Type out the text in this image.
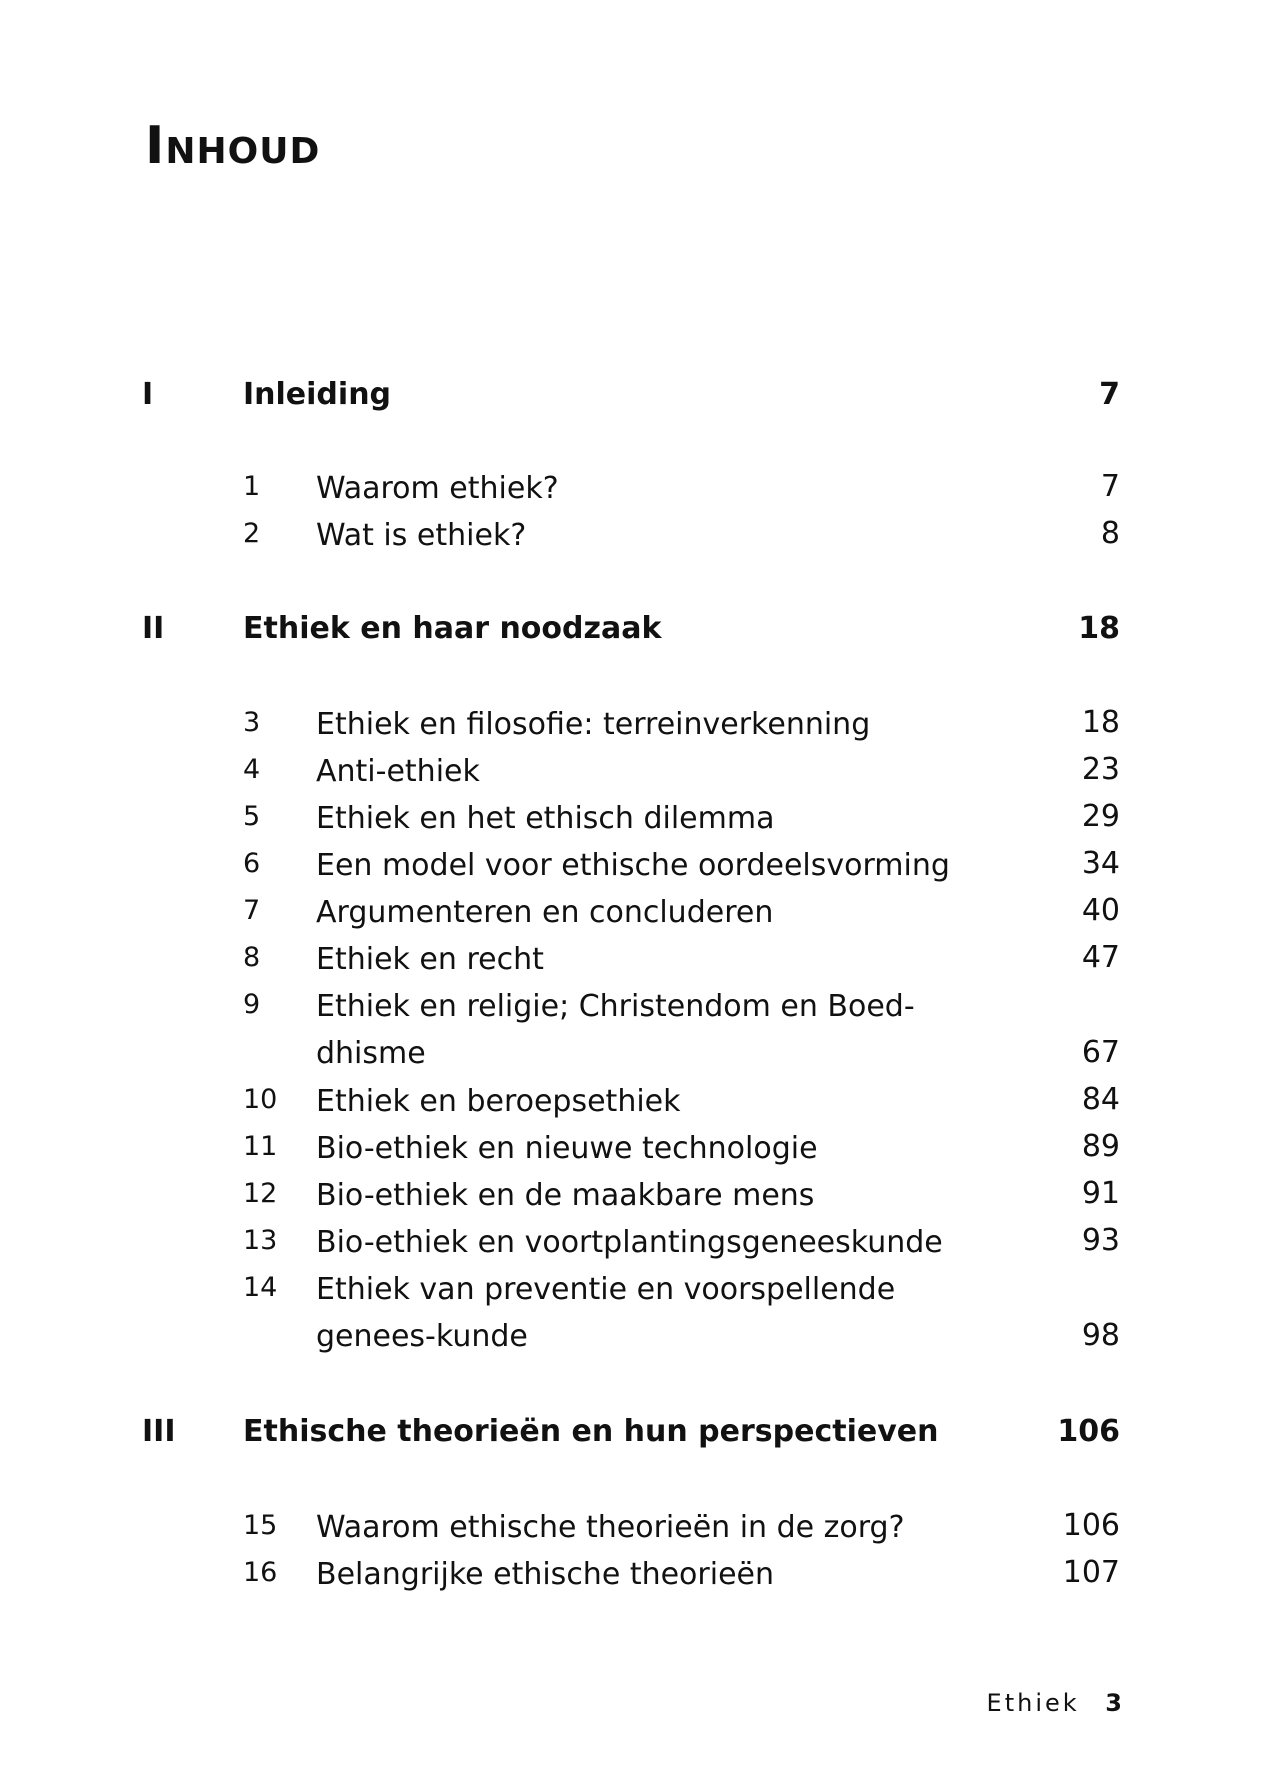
Inhoud
I	Inleiding	7
1 Waarom ethiek?	7
2 Wat is ethiek?	8
II	Ethiek en haar noodzaak	18
3 Ethiek en filosofie: terreinverkenning	18
4 Anti-ethiek	23
5 Ethiek en het ethisch dilemma	29
6 Een model voor ethische oordeelsvorming	34
7 Argumenteren en concluderen	40
8 Ethiek en recht	47
9 Ethiek en religie; Christendom en Boed-dhisme	67
10 Ethiek en beroepsethiek	84
11 Bio-ethiek en nieuwe technologie	89
12 Bio-ethiek en de maakbare mens	91
13 Bio-ethiek en voortplantingsgeneeskunde	93
14 Ethiek van preventie en voorspellende genees-kunde	98
III Ethische theorieën en hun perspectieven	106
15 Waarom ethische theorieën in de zorg?	106
16 Belangrijke ethische theorieën	107
Ethiek 3
